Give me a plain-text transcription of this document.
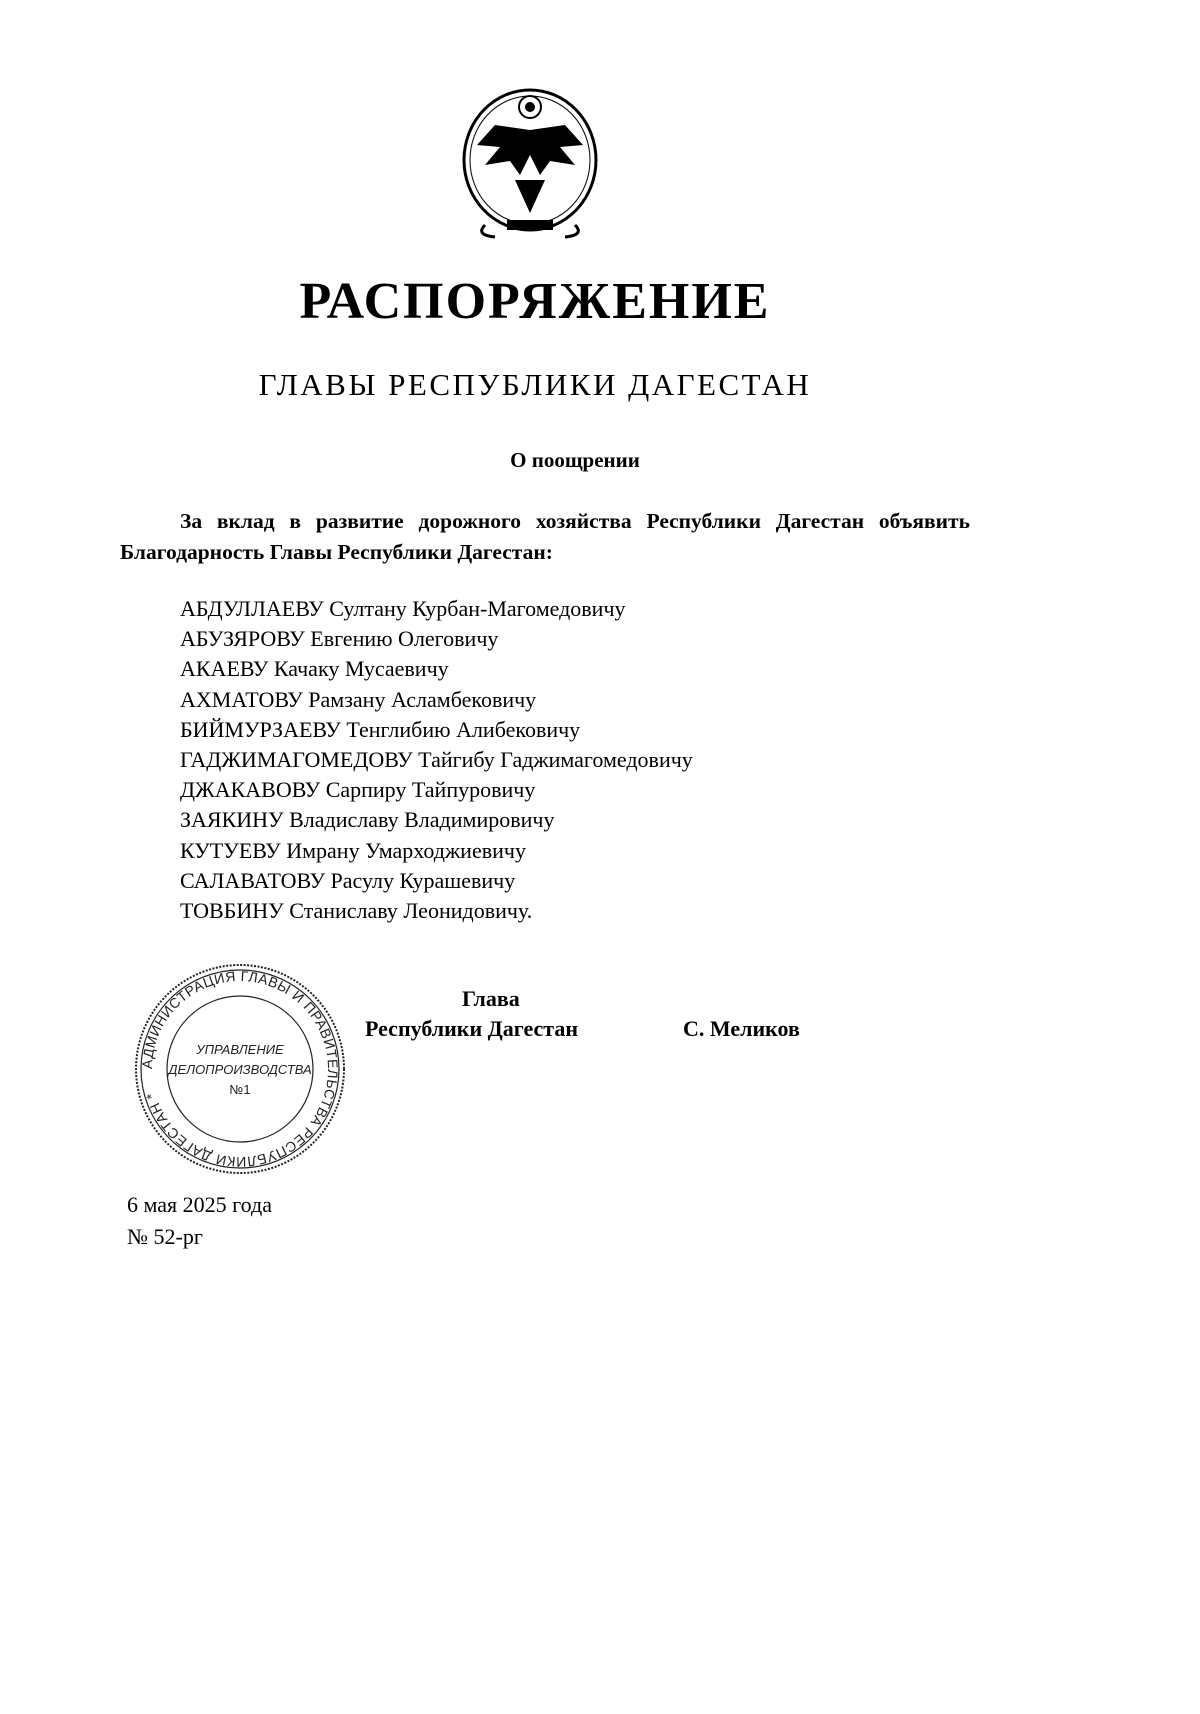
РАСПОРЯЖЕНИЕ
ГЛАВЫ РЕСПУБЛИКИ ДАГЕСТАН
О поощрении
За вклад в развитие дорожного хозяйства Республики Дагестан объявить Благодарность Главы Республики Дагестан:
АБДУЛЛАЕВУ Султану Курбан-Магомедовичу
АБУЗЯРОВУ Евгению Олеговичу
АКАЕВУ Качаку Мусаевичу
АХМАТОВУ Рамзану Асламбековичу
БИЙМУРЗАЕВУ Тенглибию Алибековичу
ГАДЖИМАГОМЕДОВУ Тайгибу Гаджимагомедовичу
ДЖАКАВОВУ Сарпиру Тайпуровичу
ЗАЯКИНУ Владиславу Владимировичу
КУТУЕВУ Имрану Умарходжиевичу
САЛАВАТОВУ Расулу Курашевичу
ТОВБИНУ Станиславу Леонидовичу.
АДМИНИСТРАЦИЯ ГЛАВЫ И ПРАВИТЕЛЬСТВА РЕСПУБЛИКИ ДАГЕСТАН *
УПРАВЛЕНИЕ
ДЕЛОПРОИЗВОДСТВА
№1
Глава
Республики Дагестан	С. Меликов
6 мая 2025 года
№ 52-рг
